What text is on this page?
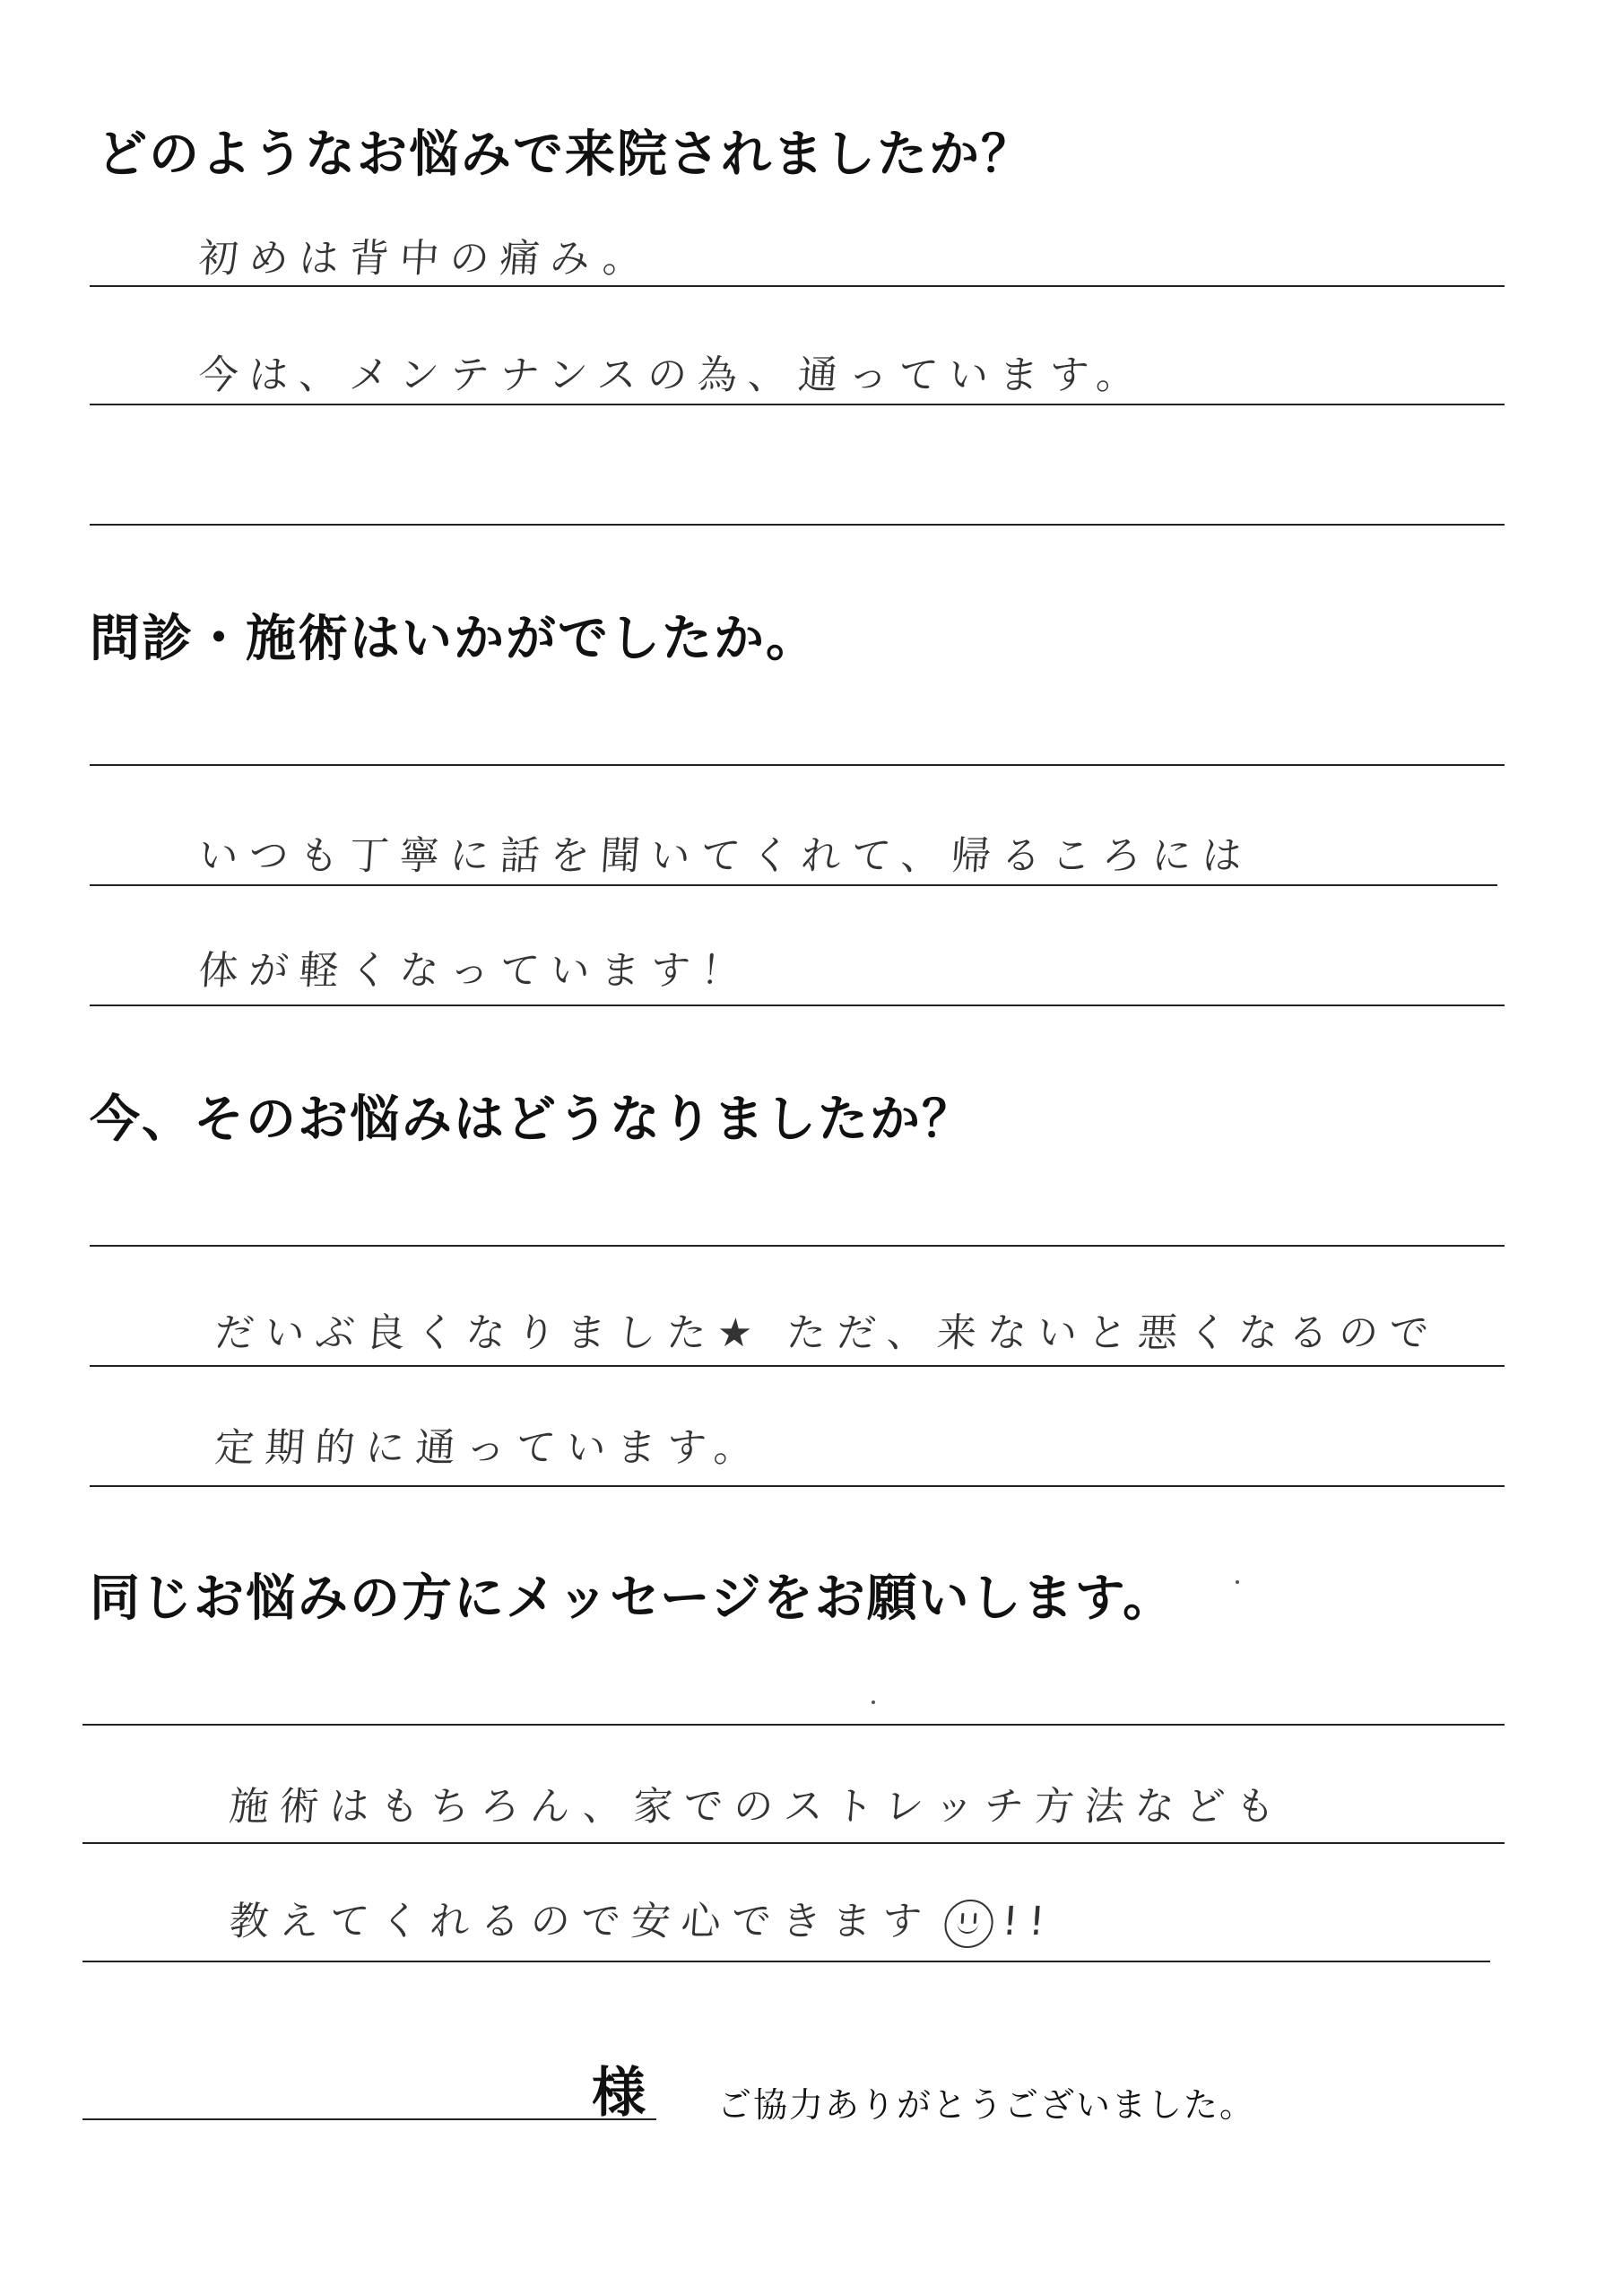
どのようなお悩みで来院されましたか？
初めは背中の痛み。
今は、メンテナンスの為、通っています。
問診・施術はいかがでしたか。
いつも丁寧に話を聞いてくれて、帰るころには
体が軽くなっています！
今、そのお悩みはどうなりましたか？
だいぶ良くなりました★ ただ、来ないと悪くなるので
定期的に通っています。
同じお悩みの方にメッセージをお願いします。
施術はもちろん、家でのストレッチ方法なども
教えてくれるので安心できます !!
様 ご協力ありがとうございました。
